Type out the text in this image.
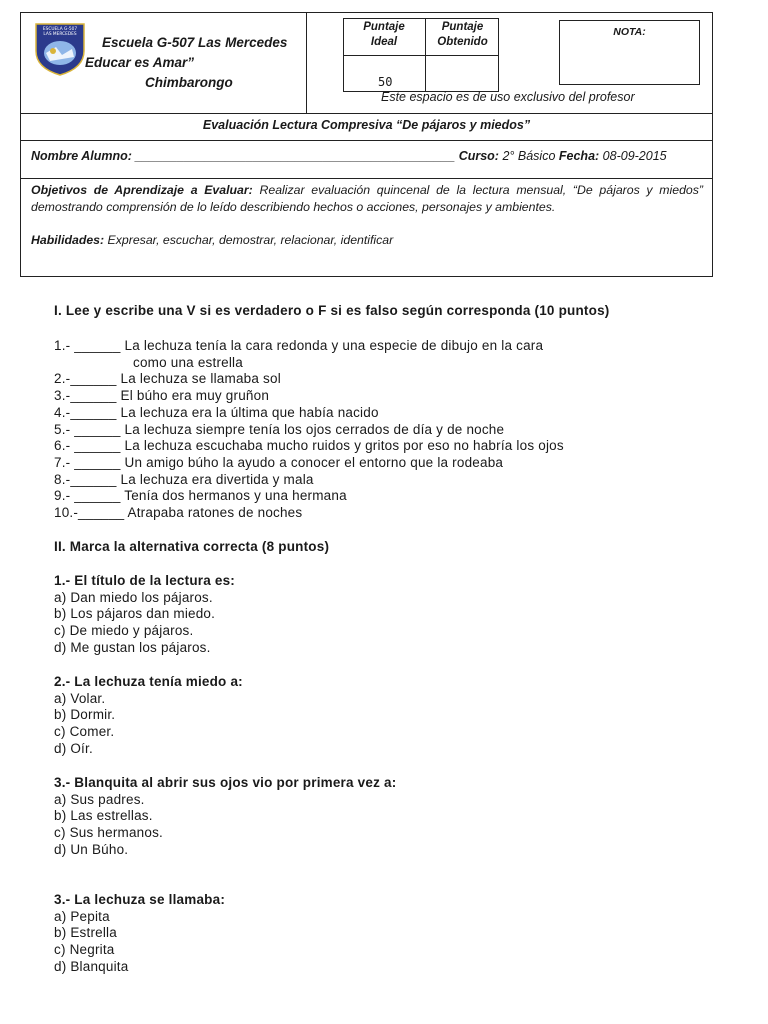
ESCUELA G-507
LAS MERCEDES
Escuela G-507 Las Mercedes
Educar es Amar”
Chimbarongo
Puntaje
Ideal
Puntaje
Obtenido
50
NOTA:
Este espacio es de uso exclusivo del profesor
Evaluación Lectura Compresiva “De pájaros y miedos”
Nombre Alumno: ______________________________________________ Curso: 2° Básico Fecha: 08-09-2015
Objetivos de Aprendizaje a Evaluar: Realizar evaluación quincenal de la lectura mensual, “De pájaros y miedos” demostrando comprensión de lo leído describiendo hechos o acciones, personajes y ambientes.
Habilidades: Expresar, escuchar, demostrar, relacionar, identificar
I. Lee y escribe una V si es verdadero o F si es falso según corresponda (10 puntos)
1.- ______ La lechuza tenía la cara redonda y una especie de dibujo en la cara
como una estrella
2.-______ La lechuza se llamaba sol
3.-______ El búho era muy gruñon
4.-______ La lechuza era la última que había nacido
5.- ______ La lechuza siempre tenía los ojos cerrados de día y de noche
6.- ______ La lechuza escuchaba mucho ruidos y gritos por eso no habría los ojos
7.- ______ Un amigo búho la ayudo a conocer el entorno que la rodeaba
8.-______ La lechuza era divertida y mala
9.- ______ Tenía dos hermanos y una hermana
10.-______ Atrapaba ratones de noches
II. Marca la alternativa correcta (8 puntos)
1.- El título de la lectura es:
a) Dan miedo los pájaros.
b) Los pájaros dan miedo.
c) De miedo y pájaros.
d) Me gustan los pájaros.
2.- La lechuza tenía miedo a:
a) Volar.
b) Dormir.
c) Comer.
d) Oír.
3.- Blanquita al abrir sus ojos vio por primera vez a:
a) Sus padres.
b) Las estrellas.
c) Sus hermanos.
d) Un Búho.
3.- La lechuza se llamaba:
a) Pepita
b) Estrella
c) Negrita
d) Blanquita
